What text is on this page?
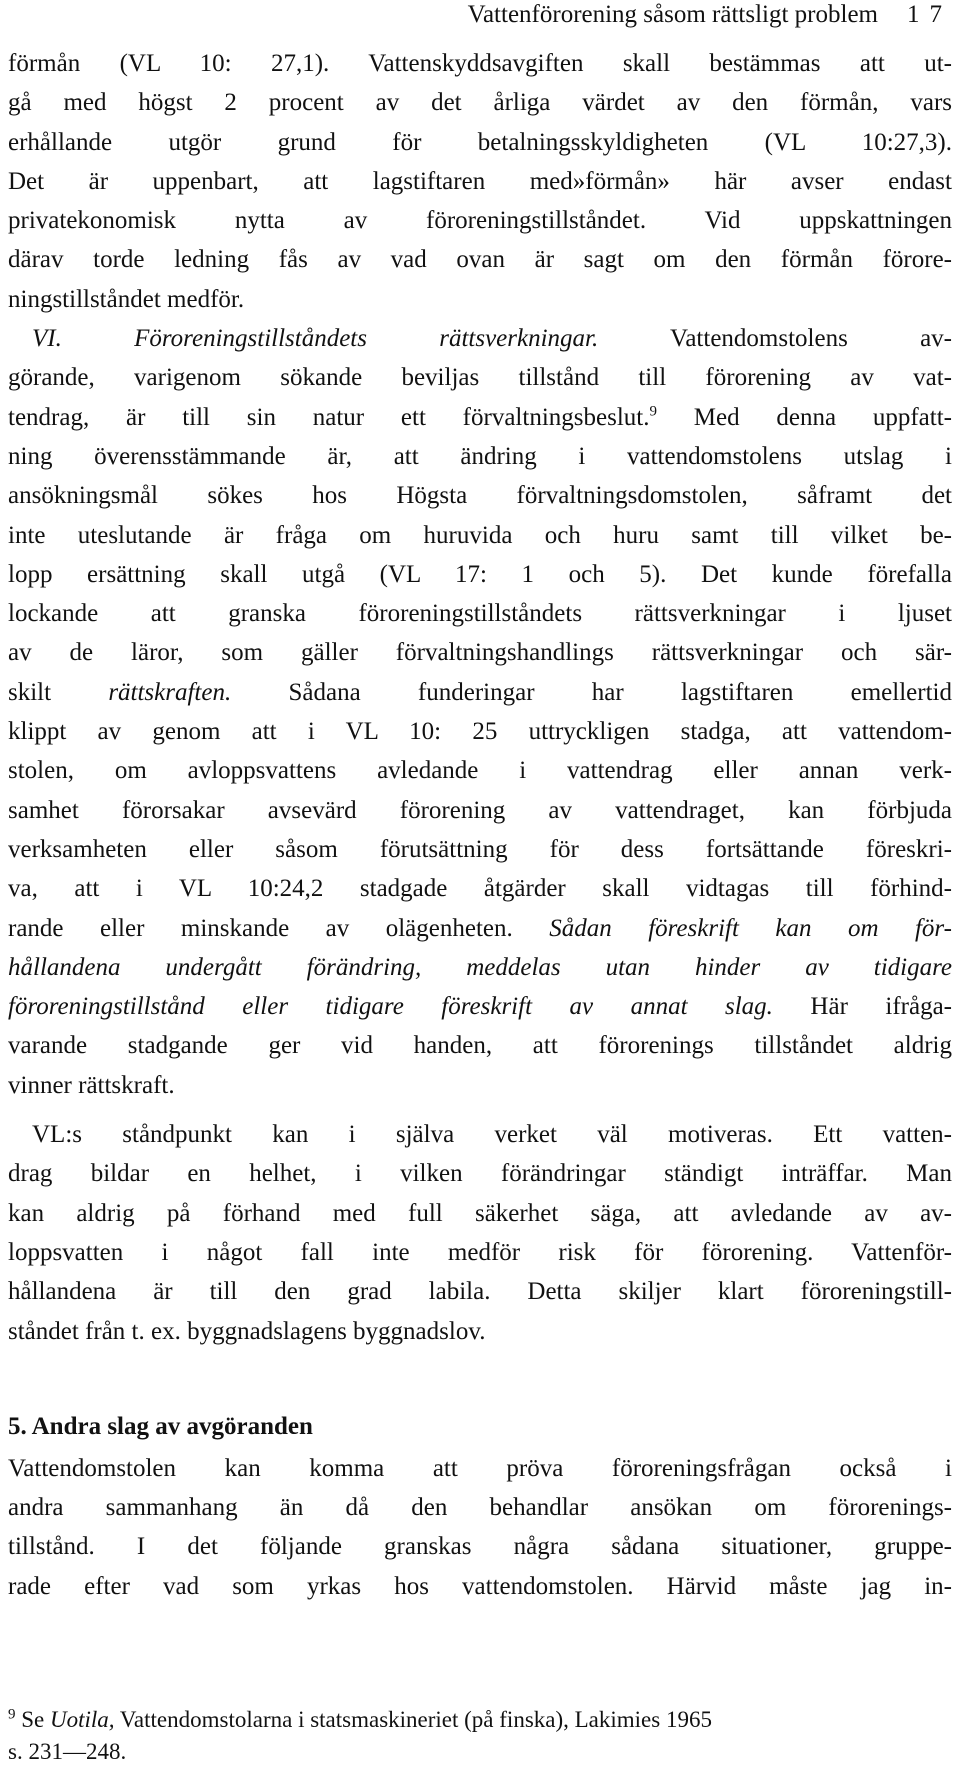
Vattenförorening såsom rättsligt problem 17
förmån (VL 10: 27,1). Vattenskyddsavgiften skall bestämmas att ut-
gå med högst 2 procent av det årliga värdet av den förmån, vars
erhållande utgör grund för betalningsskyldigheten (VL 10:27,3).
Det är uppenbart, att lagstiftaren med»förmån» här avser endast
privatekonomisk nytta av föroreningstillståndet. Vid uppskattningen
därav torde ledning fås av vad ovan är sagt om den förmån förore-
ningstillståndet medför.
VI. Föroreningstillståndets rättsverkningar. Vattendomstolens av-
görande, varigenom sökande beviljas tillstånd till förorening av vat-
tendrag, är till sin natur ett förvaltningsbeslut.$^9$ Med denna uppfatt-
ning överensstämmande är, att ändring i vattendomstolens utslag i
ansökningsmål sökes hos Högsta förvaltningsdomstolen, såframt det
inte uteslutande är fråga om huruvida och huru samt till vilket be-
lopp ersättning skall utgå (VL 17: 1 och 5). Det kunde förefalla
lockande att granska föroreningstillståndets rättsverkningar i ljuset
av de läror, som gäller förvaltningshandlings rättsverkningar och sär-
skilt rättskraften. Sådana funderingar har lagstiftaren emellertid
klippt av genom att i VL 10: 25 uttryckligen stadga, att vattendom-
stolen, om avloppsvattens avledande i vattendrag eller annan verk-
samhet förorsakar avsevärd förorening av vattendraget, kan förbjuda
verksamheten eller såsom förutsättning för dess fortsättande föreskri-
va, att i VL 10:24,2 stadgade åtgärder skall vidtagas till förhind-
rande eller minskande av olägenheten. Sådan föreskrift kan om för-
hållandena undergått förändring, meddelas utan hinder av tidigare
föroreningstillstånd eller tidigare föreskrift av annat slag. Här ifråga-
varande stadgande ger vid handen, att förorenings tillståndet aldrig
vinner rättskraft.
VL:s ståndpunkt kan i själva verket väl motiveras. Ett vatten-
drag bildar en helhet, i vilken förändringar ständigt inträffar. Man
kan aldrig på förhand med full säkerhet säga, att avledande av av-
loppsvatten i något fall inte medför risk för förorening. Vattenför-
hållandena är till den grad labila. Detta skiljer klart föroreningstill-
ståndet från t. ex. byggnadslagens byggnadslov.
5. Andra slag av avgöranden
Vattendomstolen kan komma att pröva föroreningsfrågan också i
andra sammanhang än då den behandlar ansökan om förorenings-
tillstånd. I det följande granskas några sådana situationer, gruppe-
rade efter vad som yrkas hos vattendomstolen. Härvid måste jag in-
$^9$ Se Uotila, Vattendomstolarna i statsmaskineriet (på finska), Lakimies 1965
s. 231—248.
